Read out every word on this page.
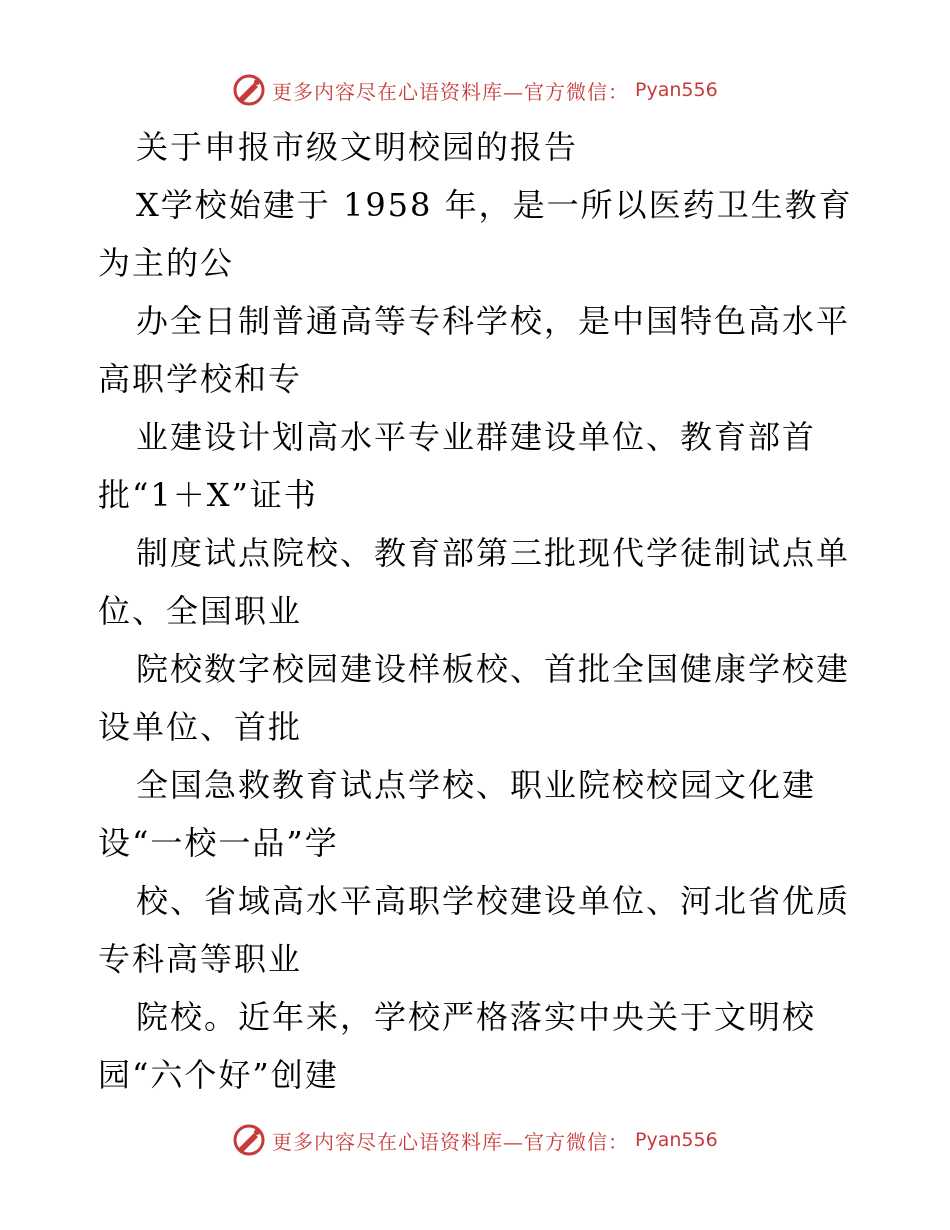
更多内容尽在心语资料库—官方微信： Pyan556

关于申报市级文明校园的报告

X学校始建于 1958 年，是一所以医药卫生教育
为主的公

办全日制普通高等专科学校，是中国特色高水平
高职学校和专

业建设计划高水平专业群建设单位、教育部首
批“1＋X”证书

制度试点院校、教育部第三批现代学徒制试点单
位、全国职业

院校数字校园建设样板校、首批全国健康学校建
设单位、首批

全国急救教育试点学校、职业院校校园文化建
设“一校一品”学

校、省域高水平高职学校建设单位、河北省优质
专科高等职业

院校。近年来，学校严格落实中央关于文明校
园“六个好”创建

更多内容尽在心语资料库—官方微信： Pyan556
